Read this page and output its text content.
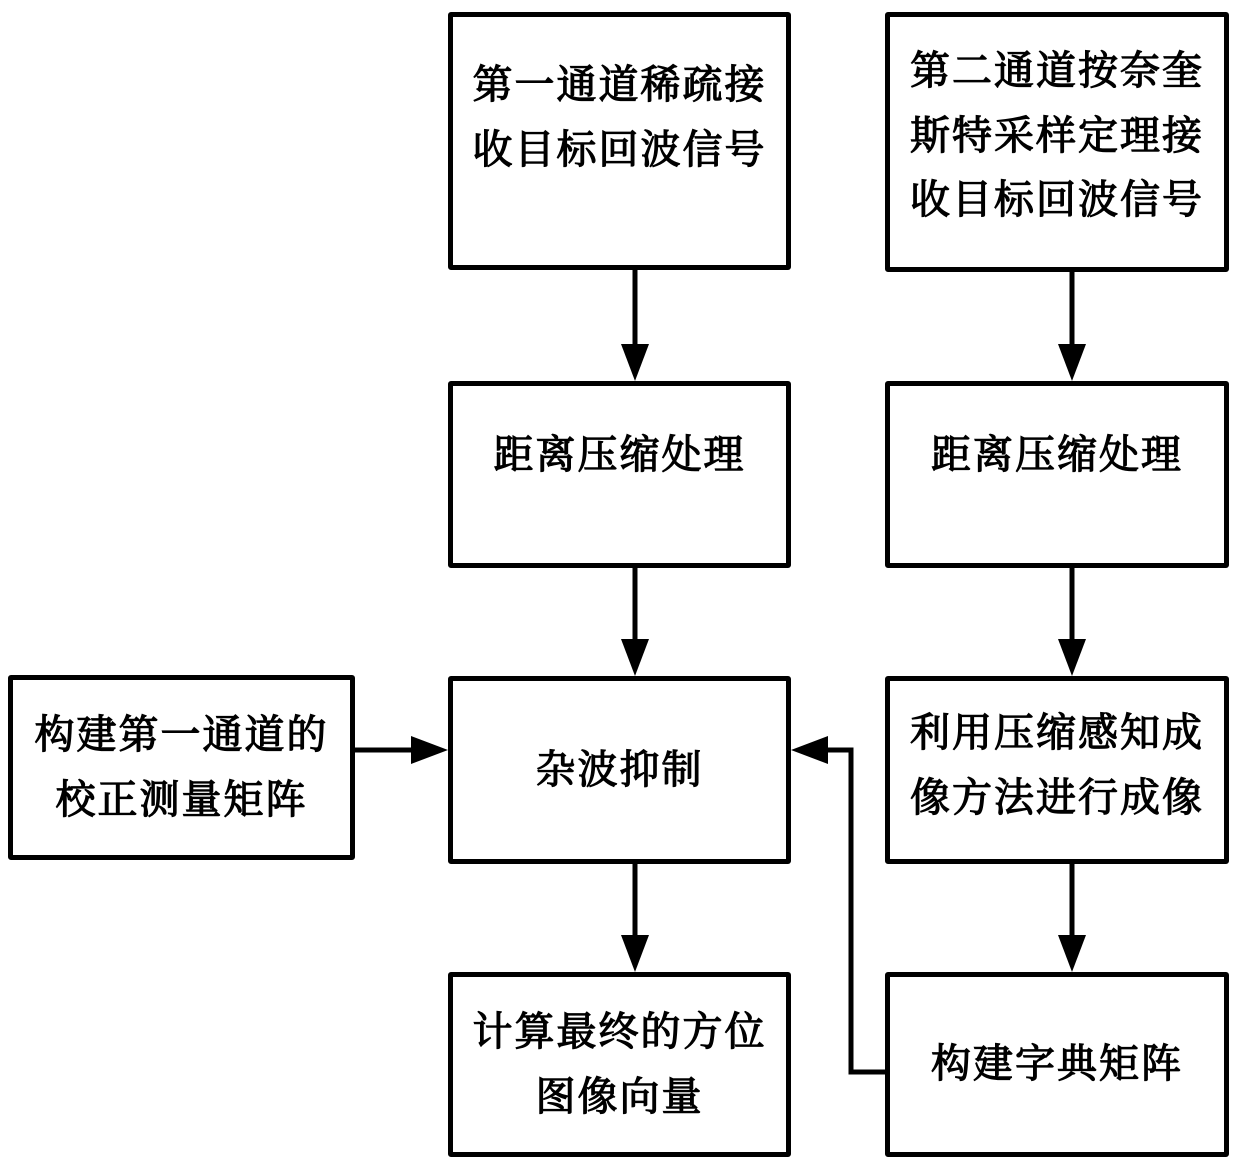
第一通道稀疏接收目标回波信号
第二通道按奈奎斯特采样定理接收目标回波信号
距离压缩处理	距离压缩处理
构建第一通道的校正测量矩阵
杂波抑制
利用压缩感知成像方法进行成像
计算最终的方位图像向量
构建字典矩阵
